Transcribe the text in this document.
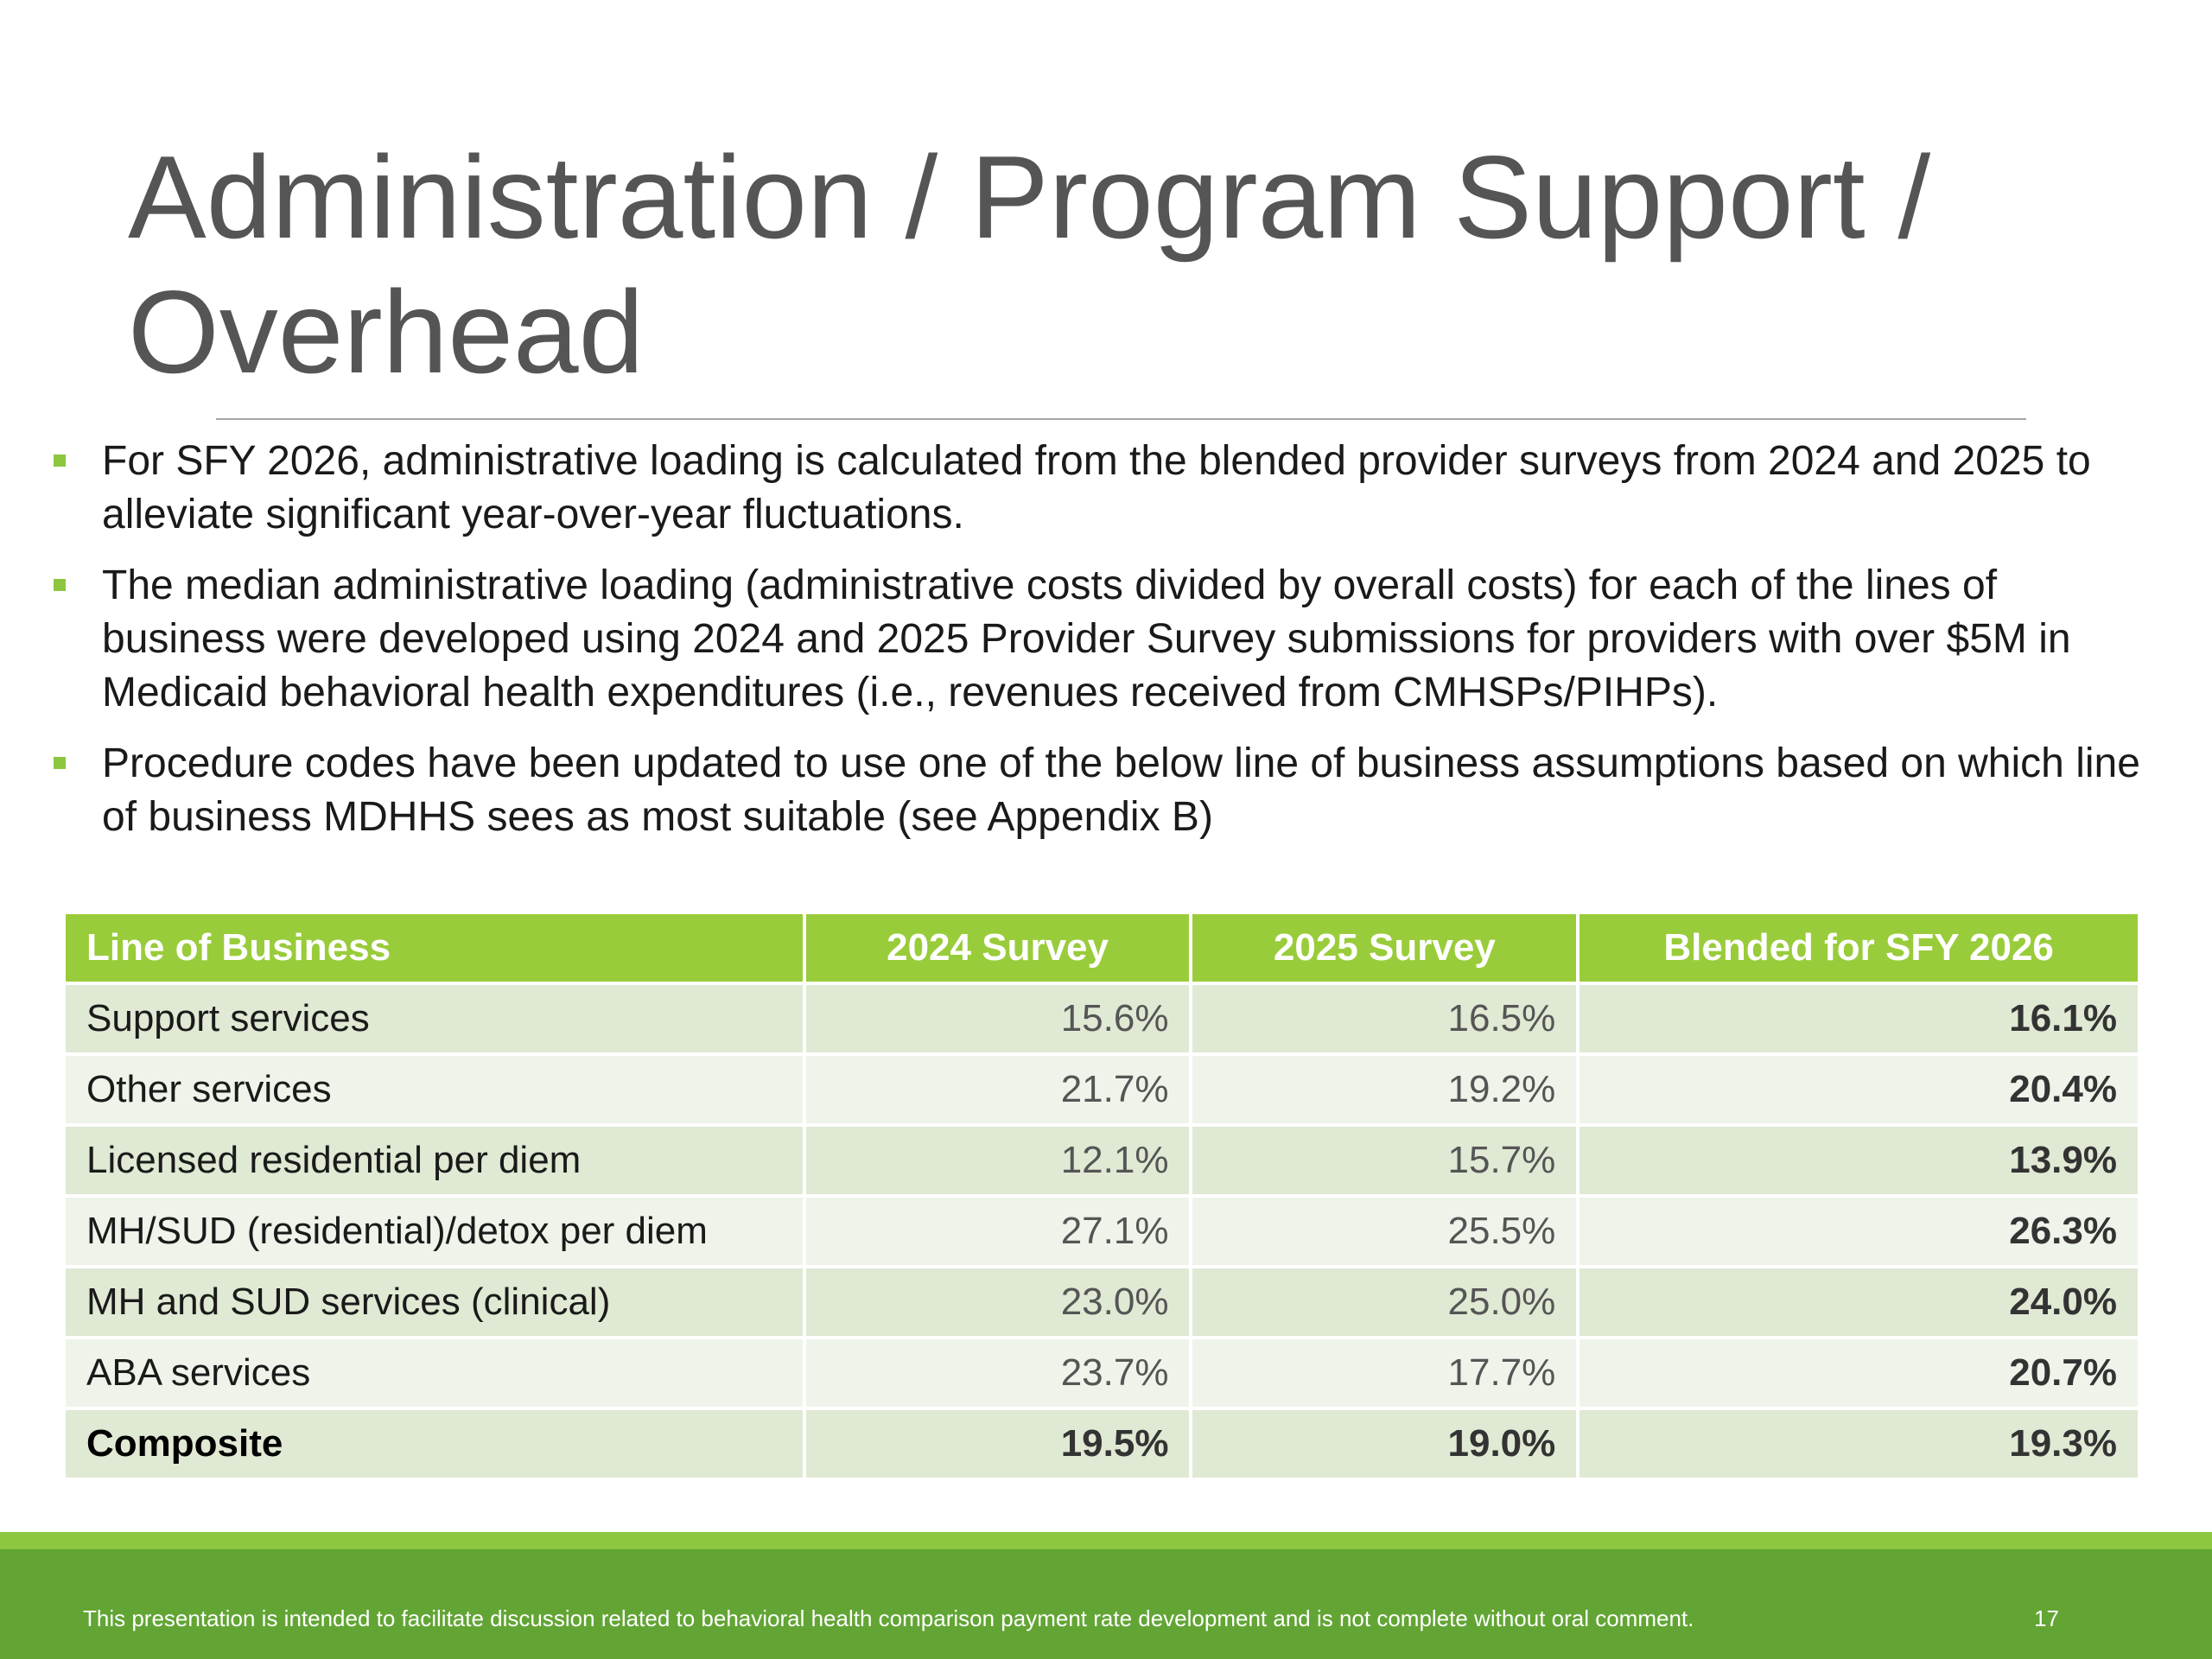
Administration / Program Support /
Overhead
For SFY 2026, administrative loading is calculated from the blended provider surveys from 2024 and 2025 to alleviate significant year-over-year fluctuations.
The median administrative loading (administrative costs divided by overall costs) for each of the lines of business were developed using 2024 and 2025 Provider Survey submissions for providers with over $5M in Medicaid behavioral health expenditures (i.e., revenues received from CMHSPs/PIHPs).
Procedure codes have been updated to use one of the below line of business assumptions based on which line of business MDHHS sees as most suitable (see Appendix B)
Line of Business	2024 Survey	2025 Survey	Blended for SFY 2026
Support services	15.6%	16.5%	16.1%
Other services	21.7%	19.2%	20.4%
Licensed residential per diem	12.1%	15.7%	13.9%
MH/SUD (residential)/detox per diem	27.1%	25.5%	26.3%
MH and SUD services (clinical)	23.0%	25.0%	24.0%
ABA services	23.7%	17.7%	20.7%
Composite	19.5%	19.0%	19.3%
This presentation is intended to facilitate discussion related to behavioral health comparison payment rate development and is not complete without oral comment.	17
